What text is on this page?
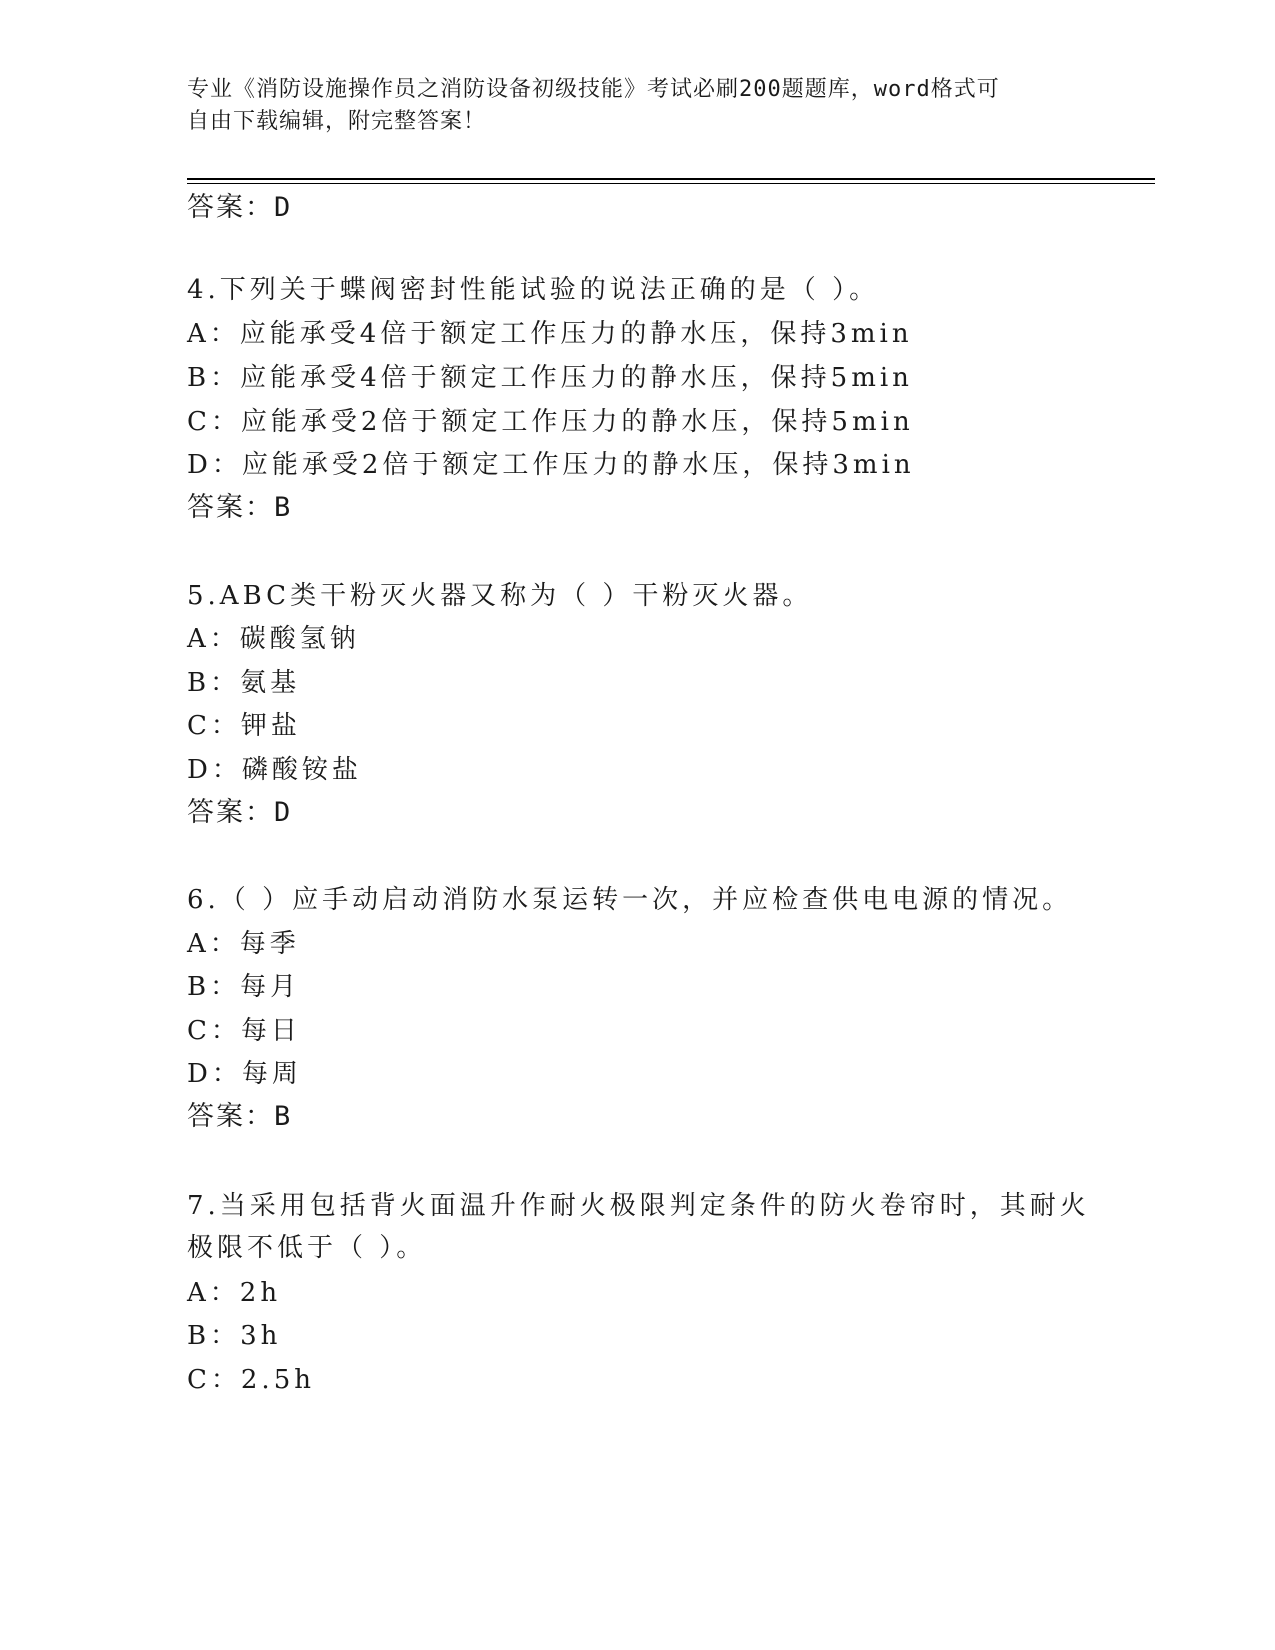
专业《消防设施操作员之消防设备初级技能》考试必刷200题题库，word格式可
自由下载编辑，附完整答案！
答案：D
4.下列关于蝶阀密封性能试验的说法正确的是（ ）。
A：应能承受4倍于额定工作压力的静水压，保持3min
B：应能承受4倍于额定工作压力的静水压，保持5min
C：应能承受2倍于额定工作压力的静水压，保持5min
D：应能承受2倍于额定工作压力的静水压，保持3min
答案：B
5.ABC类干粉灭火器又称为（ ）干粉灭火器。
A：碳酸氢钠
B：氨基
C：钾盐
D：磷酸铵盐
答案：D
6.（ ）应手动启动消防水泵运转一次，并应检查供电电源的情况。
A：每季
B：每月
C：每日
D：每周
答案：B
7.当采用包括背火面温升作耐火极限判定条件的防火卷帘时，其耐火
极限不低于（ ）。
A：2h
B：3h
C：2.5h
